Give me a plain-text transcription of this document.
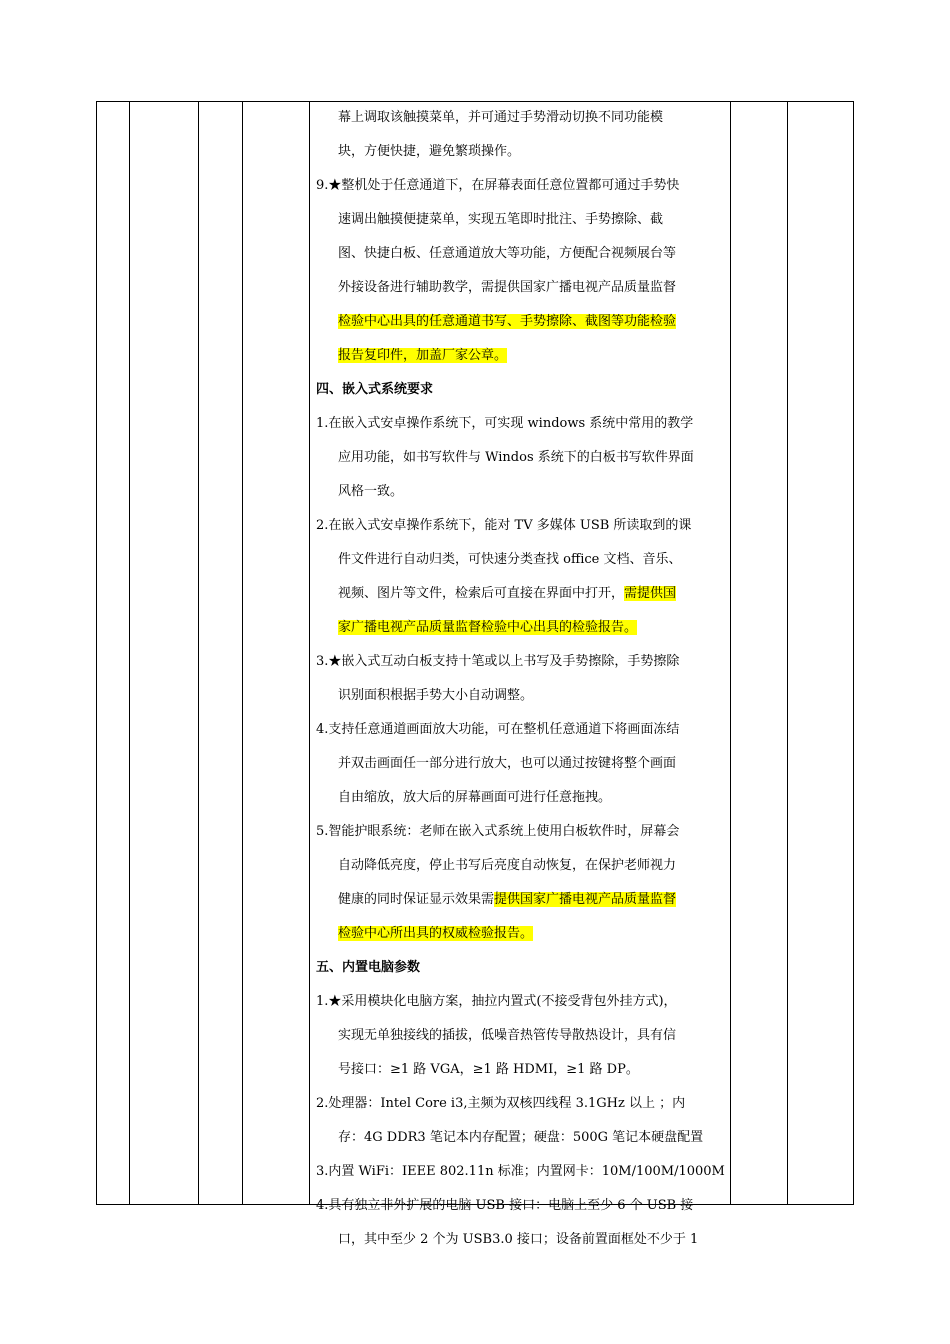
幕上调取该触摸菜单，并可通过手势滑动切换不同功能模
块，方便快捷，避免繁琐操作。
9.★整机处于任意通道下，在屏幕表面任意位置都可通过手势快
速调出触摸便捷菜单，实现五笔即时批注、手势擦除、截
图、快捷白板、任意通道放大等功能，方便配合视频展台等
外接设备进行辅助教学，需提供国家广播电视产品质量监督
检验中心出具的任意通道书写、手势擦除、截图等功能检验
报告复印件，加盖厂家公章。
四、嵌入式系统要求
1.在嵌入式安卓操作系统下，可实现 windows 系统中常用的教学
应用功能，如书写软件与 Windos 系统下的白板书写软件界面
风格一致。
2.在嵌入式安卓操作系统下，能对 TV 多媒体 USB 所读取到的课
件文件进行自动归类，可快速分类查找 office 文档、音乐、
视频、图片等文件，检索后可直接在界面中打开，需提供国
家广播电视产品质量监督检验中心出具的检验报告。
3.★嵌入式互动白板支持十笔或以上书写及手势擦除，手势擦除
识别面积根据手势大小自动调整。
4.支持任意通道画面放大功能，可在整机任意通道下将画面冻结
并双击画面任一部分进行放大，也可以通过按键将整个画面
自由缩放，放大后的屏幕画面可进行任意拖拽。
5.智能护眼系统：老师在嵌入式系统上使用白板软件时，屏幕会
自动降低亮度，停止书写后亮度自动恢复，在保护老师视力
健康的同时保证显示效果需提供国家广播电视产品质量监督
检验中心所出具的权威检验报告。
五、内置电脑参数
1.★采用模块化电脑方案，抽拉内置式(不接受背包外挂方式)，
实现无单独接线的插拔，低噪音热管传导散热设计，具有信
号接口：≥1 路 VGA，≥1 路 HDMI，≥1 路 DP。
2.处理器：Intel Core i3,主频为双核四线程 3.1GHz 以上 ；内
存：4G DDR3 笔记本内存配置；硬盘：500G 笔记本硬盘配置
3.内置 WiFi：IEEE 802.11n 标准；内置网卡：10M/100M/1000M
4.具有独立非外扩展的电脑 USB 接口：电脑上至少 6 个 USB 接
口，其中至少 2 个为 USB3.0 接口；设备前置面框处不少于 1
